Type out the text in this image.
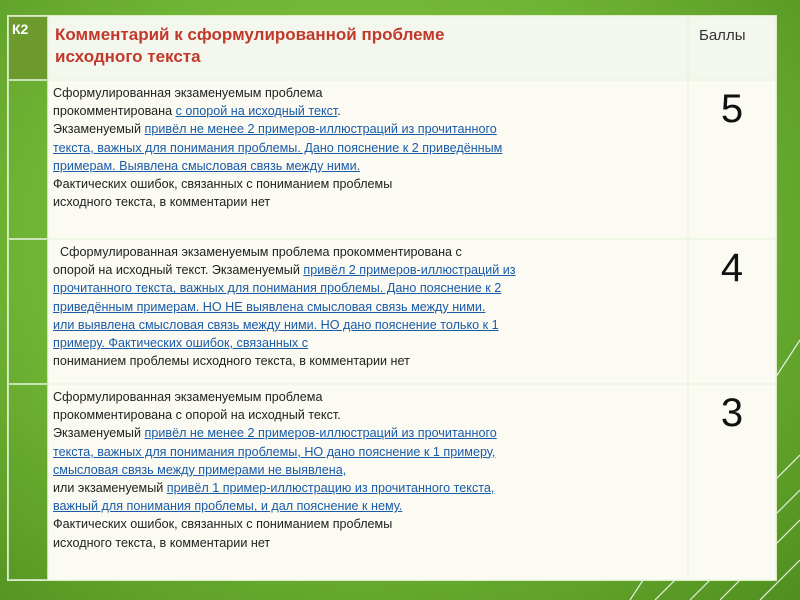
К2	Комментарий к сформулированной проблеме
исходного текста
Баллы

Сформулированная экзаменуемым проблема

прокомментирована с опорой на исходный текст.

Экзаменуемый привёл не менее 2 примеров-иллюстраций из прочитанного

текста, важных для понимания проблемы. Дано пояснение к 2 приведённым

примерам. Выявлена смысловая связь между ними.

Фактических ошибок, связанных с пониманием проблемы

исходного текста, в комментарии нет

5

Сформулированная экзаменуемым проблема прокомментирована с

опорой на исходный текст. Экзаменуемый привёл 2 примеров-иллюстраций из

прочитанного текста, важных для понимания проблемы. Дано пояснение к 2

приведённым примерам. НО НЕ выявлена смысловая связь между ними.

или выявлена смысловая связь между ними. НО дано пояснение только к 1

примеру. Фактических ошибок, связанных с

пониманием проблемы исходного текста, в комментарии нет

4

Сформулированная экзаменуемым проблема

прокомментирована с опорой на исходный текст.

Экзаменуемый привёл не менее 2 примеров-иллюстраций из прочитанного

текста, важных для понимания проблемы, НО дано пояснение к 1 примеру,

смысловая связь между примерами не выявлена,

или экзаменуемый привёл 1 пример-иллюстрацию из прочитанного текста,

важный для понимания проблемы, и дал пояснение к нему.

Фактических ошибок, связанных с пониманием проблемы

исходного текста, в комментарии нет

3
